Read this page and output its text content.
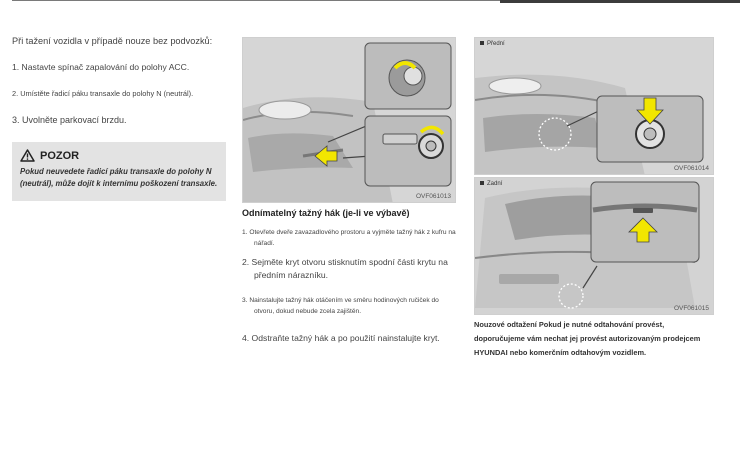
Při tažení vozidla v případě nouze bez podvozků:

1. Nastavte spínač zapalování do polohy ACC.

2. Umístěte řadicí páku transaxle do polohy N (neutrál).

3. Uvolněte parkovací brzdu.

POZOR

Pokud neuvedete řadicí páku transaxle do polohy N (neutrál), může dojít k internímu poškození transaxle.

OVF061013

Odnímatelný tažný hák (je-li ve výbavě)

1. Otevřete dveře zavazadlového prostoru a vyjměte tažný hák z kufru na nářadí.

2. Sejměte kryt otvoru stisknutím spodní části krytu na předním nárazníku.

3. Nainstalujte tažný hák otáčením ve směru hodinových ručiček do otvoru, dokud nebude zcela zajištěn.

4. Odstraňte tažný hák a po použití nainstalujte kryt.

Přední
OVF061014
Zadní
OVF061015

Nouzové odtažení Pokud je nutné odtahování provést, doporučujeme vám nechat jej provést autorizovaným prodejcem HYUNDAI nebo komerčním odtahovým vozidlem.
